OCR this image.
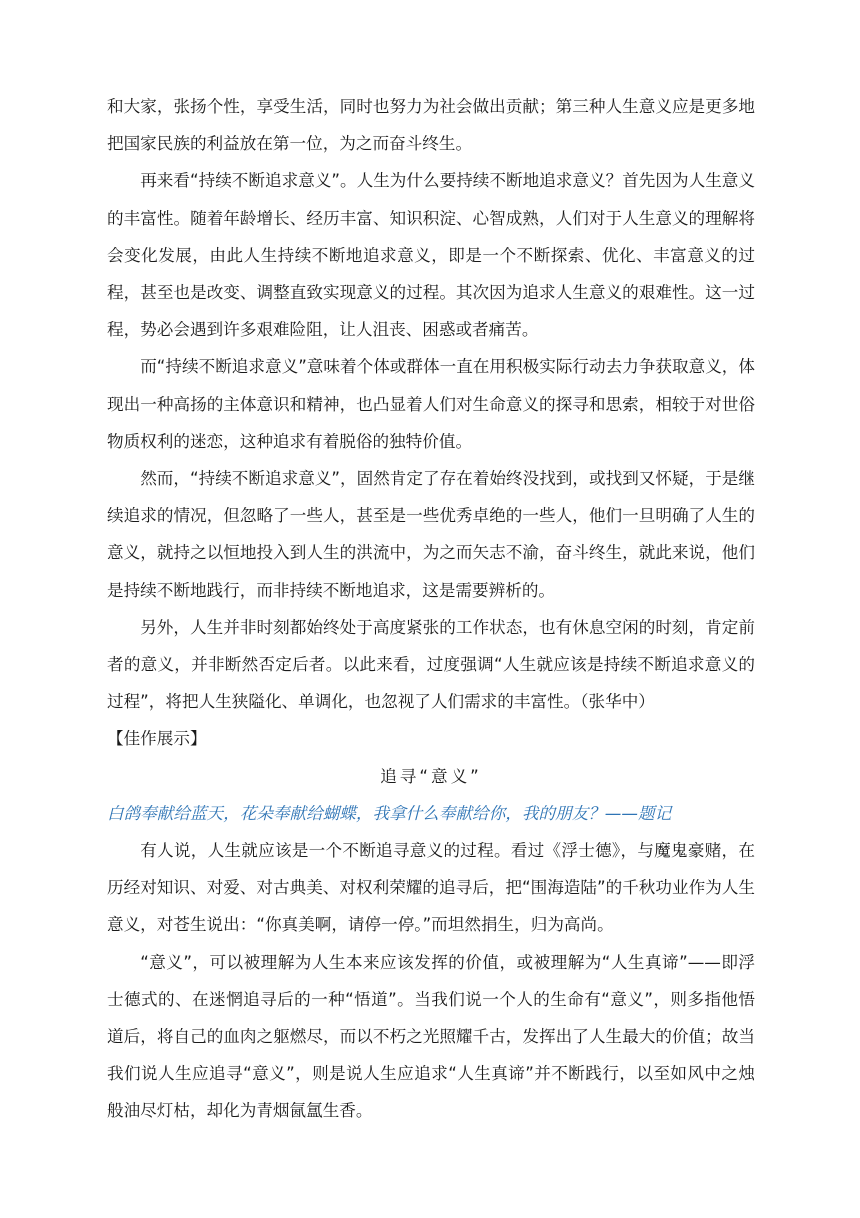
和大家，张扬个性，享受生活，同时也努力为社会做出贡献；第三种人生意义应是更多地把国家民族的利益放在第一位，为之而奋斗终生。

再来看“持续不断追求意义”。人生为什么要持续不断地追求意义？首先因为人生意义的丰富性。随着年龄增长、经历丰富、知识积淀、心智成熟，人们对于人生意义的理解将会变化发展，由此人生持续不断地追求意义，即是一个不断探索、优化、丰富意义的过程，甚至也是改变、调整直致实现意义的过程。其次因为追求人生意义的艰难性。这一过程，势必会遇到许多艰难险阻，让人沮丧、困惑或者痛苦。

而“持续不断追求意义”意味着个体或群体一直在用积极实际行动去力争获取意义，体现出一种高扬的主体意识和精神，也凸显着人们对生命意义的探寻和思索，相较于对世俗物质权利的迷恋，这种追求有着脱俗的独特价值。

然而，“持续不断追求意义”，固然肯定了存在着始终没找到，或找到又怀疑，于是继续追求的情况，但忽略了一些人，甚至是一些优秀卓绝的一些人，他们一旦明确了人生的意义，就持之以恒地投入到人生的洪流中，为之而矢志不渝，奋斗终生，就此来说，他们是持续不断地践行，而非持续不断地追求，这是需要辨析的。

另外，人生并非时刻都始终处于高度紧张的工作状态，也有休息空闲的时刻，肯定前者的意义，并非断然否定后者。以此来看，过度强调“人生就应该是持续不断追求意义的过程”，将把人生狭隘化、单调化，也忽视了人们需求的丰富性。（张华中）

【佳作展示】

追寻“意义”

白鸽奉献给蓝天，花朵奉献给蝴蝶，我拿什么奉献给你，我的朋友？——题记

有人说，人生就应该是一个不断追寻意义的过程。看过《浮士德》，与魔鬼豪赌，在历经对知识、对爱、对古典美、对权利荣耀的追寻后，把“围海造陆”的千秋功业作为人生意义，对苍生说出：“你真美啊，请停一停。”而坦然捐生，归为高尚。

“意义”，可以被理解为人生本来应该发挥的价值，或被理解为“人生真谛”——即浮士德式的、在迷惘追寻后的一种“悟道”。当我们说一个人的生命有“意义”，则多指他悟道后，将自己的血肉之躯燃尽，而以不朽之光照耀千古，发挥出了人生最大的价值；故当我们说人生应追寻“意义”，则是说人生应追求“人生真谛”并不断践行，以至如风中之烛般油尽灯枯，却化为青烟氤氲生香。
